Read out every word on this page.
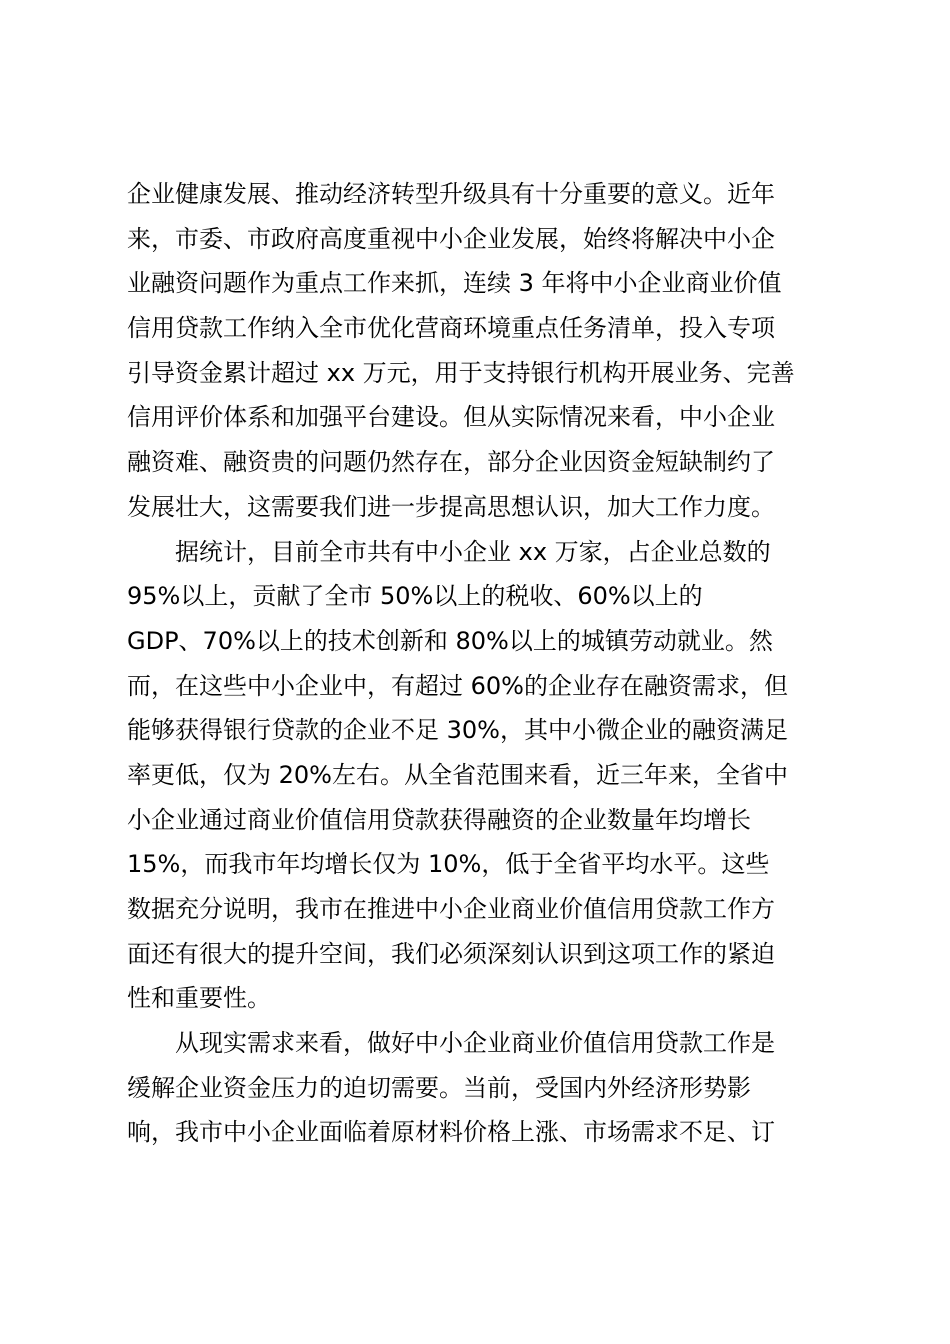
企业健康发展、推动经济转型升级具有十分重要的意义。近年
来，市委、市政府高度重视中小企业发展，始终将解决中小企
业融资问题作为重点工作来抓，连续 3 年将中小企业商业价值
信用贷款工作纳入全市优化营商环境重点任务清单，投入专项
引导资金累计超过 xx 万元，用于支持银行机构开展业务、完善
信用评价体系和加强平台建设。但从实际情况来看，中小企业
融资难、融资贵的问题仍然存在，部分企业因资金短缺制约了
发展壮大，这需要我们进一步提高思想认识，加大工作力度。
据统计，目前全市共有中小企业 xx 万家，占企业总数的
95%以上，贡献了全市 50%以上的税收、60%以上的
GDP、70%以上的技术创新和 80%以上的城镇劳动就业。然
而，在这些中小企业中，有超过 60%的企业存在融资需求，但
能够获得银行贷款的企业不足 30%，其中小微企业的融资满足
率更低，仅为 20%左右。从全省范围来看，近三年来，全省中
小企业通过商业价值信用贷款获得融资的企业数量年均增长
15%，而我市年均增长仅为 10%，低于全省平均水平。这些
数据充分说明，我市在推进中小企业商业价值信用贷款工作方
面还有很大的提升空间，我们必须深刻认识到这项工作的紧迫
性和重要性。
从现实需求来看，做好中小企业商业价值信用贷款工作是
缓解企业资金压力的迫切需要。当前，受国内外经济形势影
响，我市中小企业面临着原材料价格上涨、市场需求不足、订
